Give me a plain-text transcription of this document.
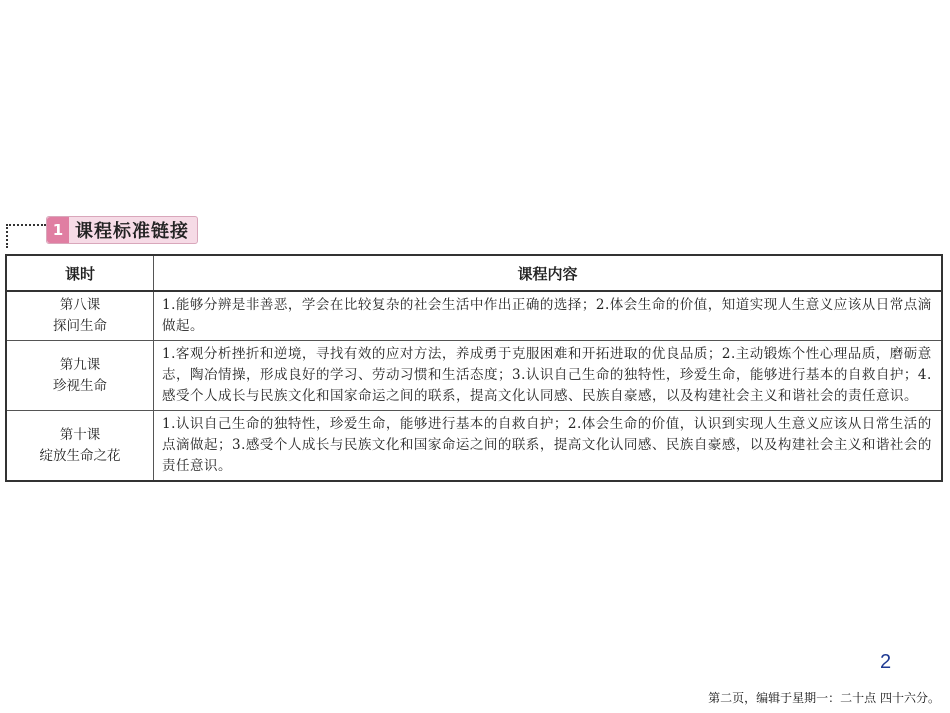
1 课程标准链接
课时	课程内容

第八课
探问生命	1.能够分辨是非善恶，学会在比较复杂的社会生活中作出正确的选择；2.体会生命的价值，知道实现人生意义应该从日常点滴做起。

第九课
珍视生命	1.客观分析挫折和逆境，寻找有效的应对方法，养成勇于克服困难和开拓进取的优良品质；2.主动锻炼个性心理品质，磨砺意志，陶冶情操，形成良好的学习、劳动习惯和生活态度；3.认识自己生命的独特性，珍爱生命，能够进行基本的自救自护；4.感受个人成长与民族文化和国家命运之间的联系，提高文化认同感、民族自豪感，以及构建社会主义和谐社会的责任意识。

第十课
绽放生命之花	1.认识自己生命的独特性，珍爱生命，能够进行基本的自救自护；2.体会生命的价值，认识到实现人生意义应该从日常生活的点滴做起；3.感受个人成长与民族文化和国家命运之间的联系，提高文化认同感、民族自豪感，以及构建社会主义和谐社会的责任意识。
2
第二页，编辑于星期一：二十点 四十六分。
